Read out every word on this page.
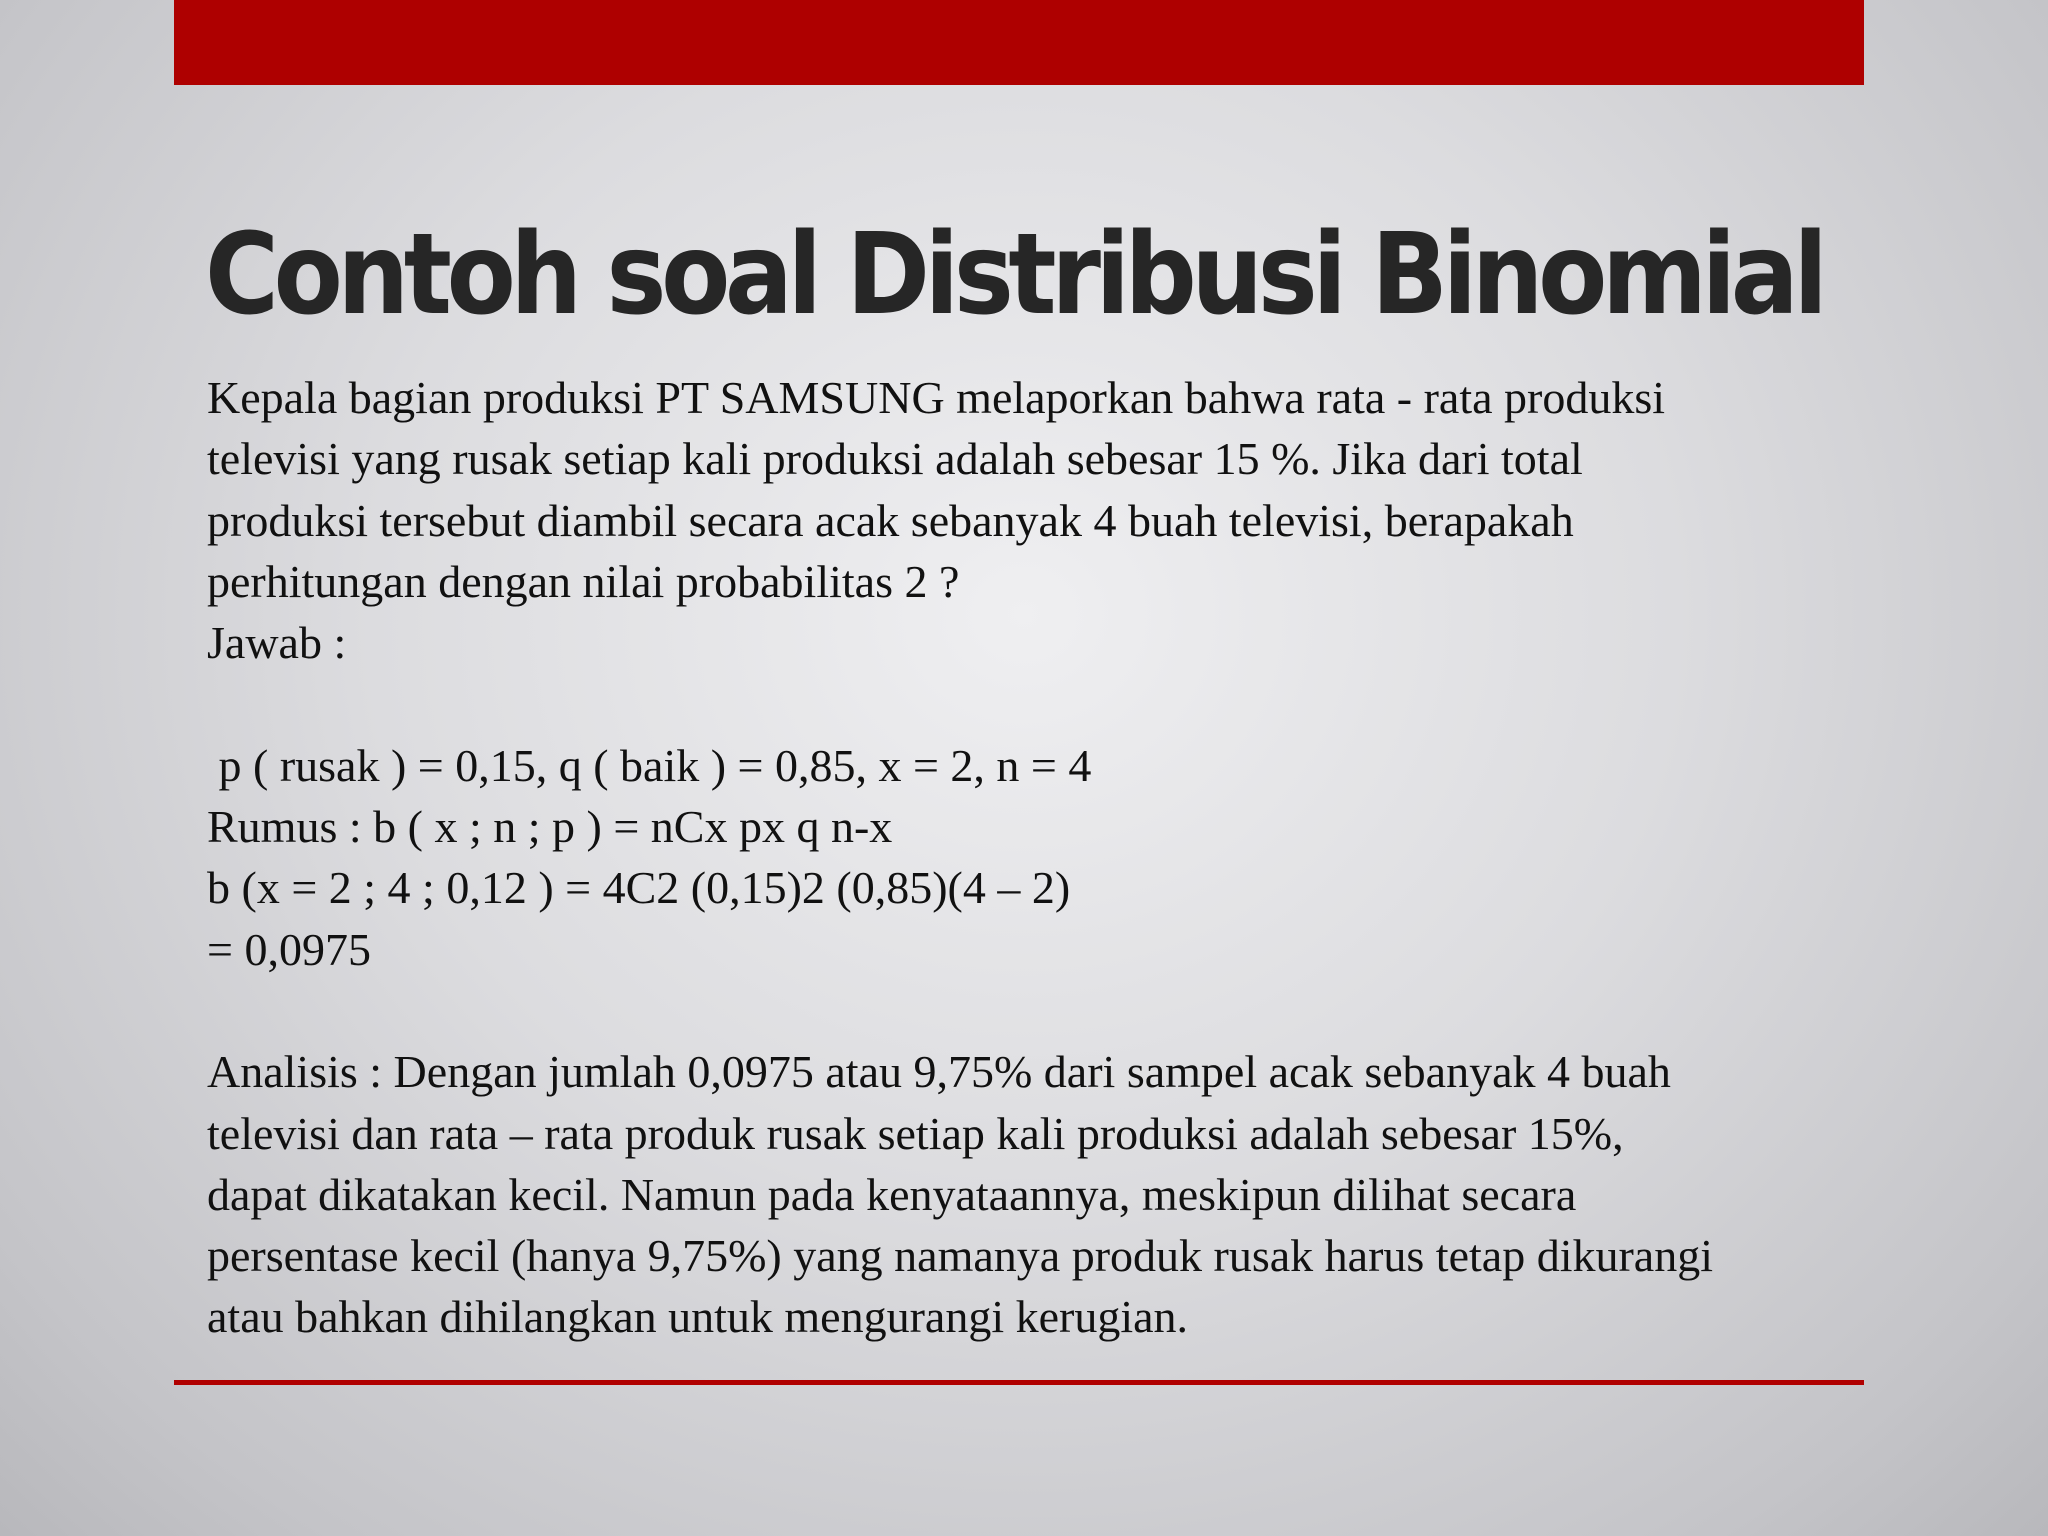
Contoh soal Distribusi Binomial

Kepala bagian produksi PT SAMSUNG melaporkan bahwa rata - rata produksi

televisi yang rusak setiap kali produksi adalah sebesar 15 %. Jika dari total

produksi tersebut diambil secara acak sebanyak 4 buah televisi, berapakah

perhitungan dengan nilai probabilitas 2 ?

Jawab :

p ( rusak ) = 0,15, q ( baik ) = 0,85, x = 2, n = 4

Rumus : b ( x ; n ; p ) = nCx px q n-x

b (x = 2 ; 4 ; 0,12 ) = 4C2 (0,15)2 (0,85)(4 – 2)

= 0,0975

Analisis : Dengan jumlah 0,0975 atau 9,75% dari sampel acak sebanyak 4 buah

televisi dan rata – rata produk rusak setiap kali produksi adalah sebesar 15%,

dapat dikatakan kecil. Namun pada kenyataannya, meskipun dilihat secara

persentase kecil (hanya 9,75%) yang namanya produk rusak harus tetap dikurangi

atau bahkan dihilangkan untuk mengurangi kerugian.
